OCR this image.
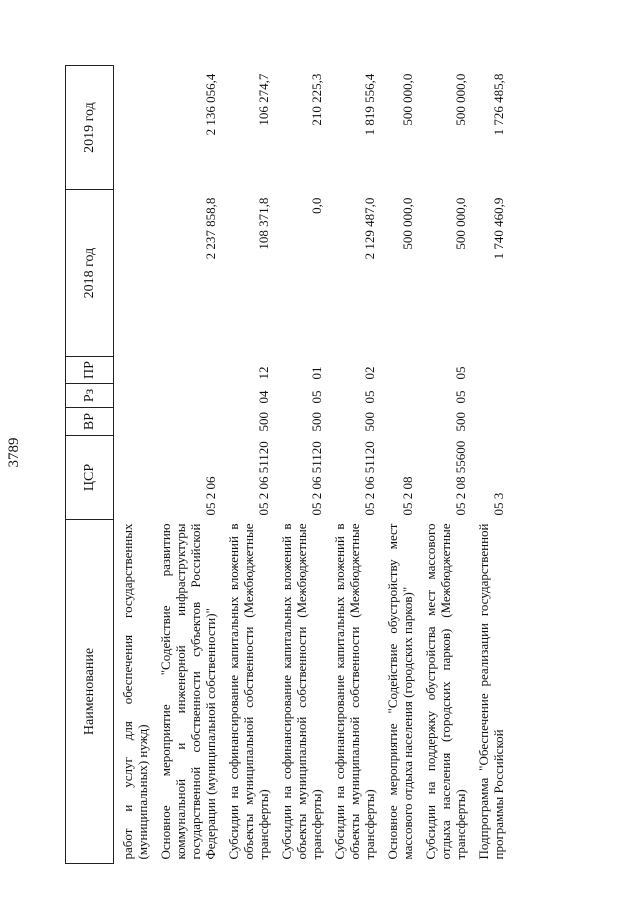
3789
Наименование	ЦСР	ВР	Рз	ПР	2018 год	2019 год
работ и услуг для обеспечения государственных (муниципальных) нужд)						
Основное мероприятие "Содействие развитию коммунальной и инженерной инфраструктуры государственной собственности субъектов Российской Федерации (муниципальной собственности)"	05 2 06				2 237 858,8	2 136 056,4
Субсидии на софинансирование капитальных вложений в объекты муниципальной собственности (Межбюджетные трансферты)	05 2 06 51120	500	04	12	108 371,8	106 274,7
Субсидии на софинансирование капитальных вложений в объекты муниципальной собственности (Межбюджетные трансферты)	05 2 06 51120	500	05	01	0,0	210 225,3
Субсидии на софинансирование капитальных вложений в объекты муниципальной собственности (Межбюджетные трансферты)	05 2 06 51120	500	05	02	2 129 487,0	1 819 556,4
Основное мероприятие "Содействие обустройству мест массового отдыха населения (городских парков)"	05 2 08				500 000,0	500 000,0
Субсидии на поддержку обустройства мест массового отдыха населения (городских парков) (Межбюджетные трансферты)	05 2 08 55600	500	05	05	500 000,0	500 000,0
Подпрограмма "Обеспечение реализации государственной программы Российской	05 3				1 740 460,9	1 726 485,8
